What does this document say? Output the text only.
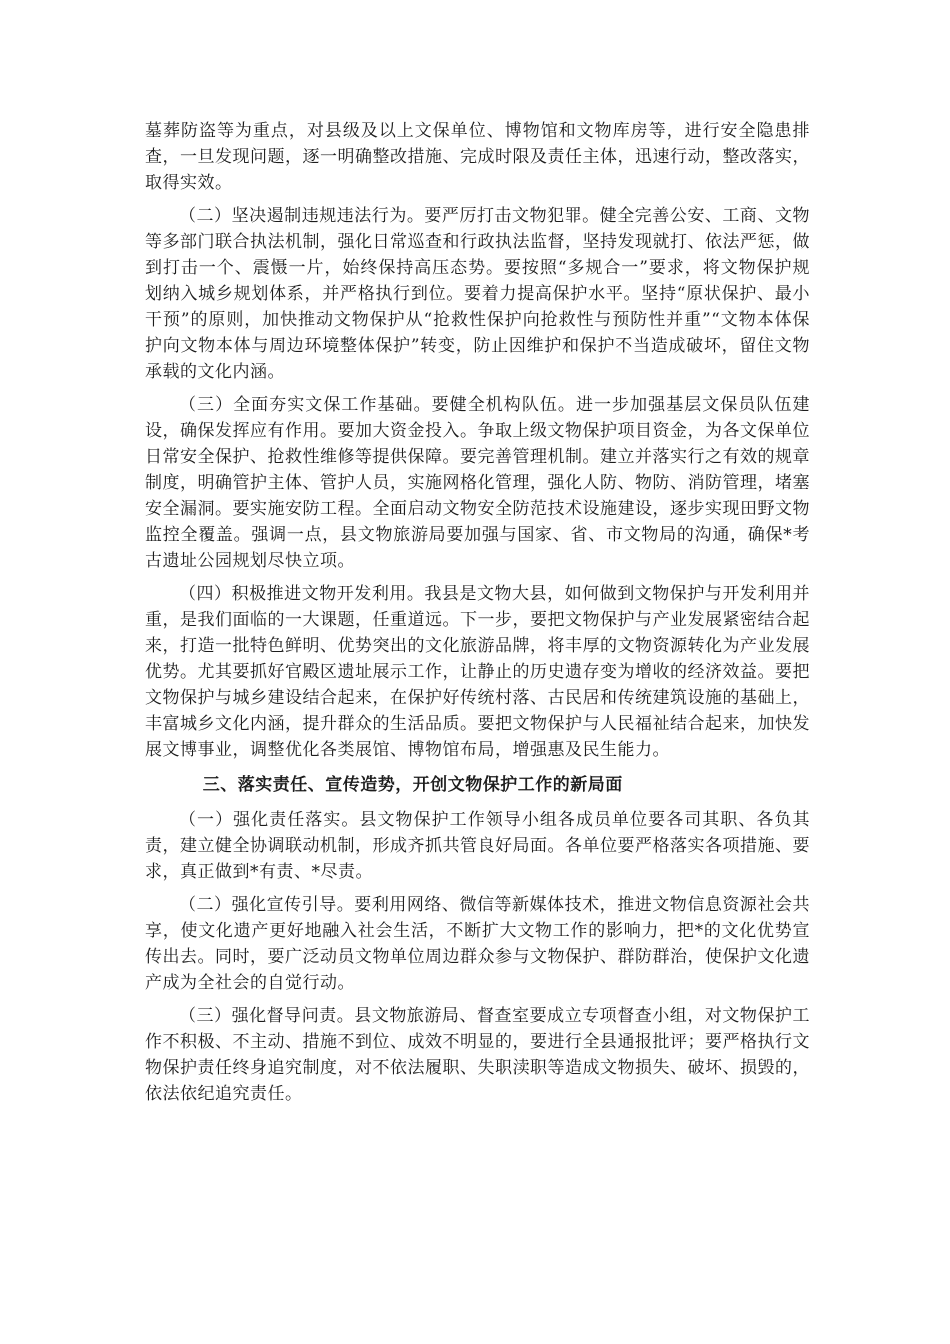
墓葬防盗等为重点，对县级及以上文保单位、博物馆和文物库房等，进行安全隐患排查，一旦发现问题，逐一明确整改措施、完成时限及责任主体，迅速行动，整改落实，取得实效。

（二）坚决遏制违规违法行为。要严厉打击文物犯罪。健全完善公安、工商、文物等多部门联合执法机制，强化日常巡查和行政执法监督，坚持发现就打、依法严惩，做到打击一个、震慑一片，始终保持高压态势。要按照“多规合一”要求，将文物保护规划纳入城乡规划体系，并严格执行到位。要着力提高保护水平。坚持“原状保护、最小干预”的原则，加快推动文物保护从“抢救性保护向抢救性与预防性并重”“文物本体保护向文物本体与周边环境整体保护”转变，防止因维护和保护不当造成破坏，留住文物承载的文化内涵。

（三）全面夯实文保工作基础。要健全机构队伍。进一步加强基层文保员队伍建设，确保发挥应有作用。要加大资金投入。争取上级文物保护项目资金，为各文保单位日常安全保护、抢救性维修等提供保障。要完善管理机制。建立并落实行之有效的规章制度，明确管护主体、管护人员，实施网格化管理，强化人防、物防、消防管理，堵塞安全漏洞。要实施安防工程。全面启动文物安全防范技术设施建设，逐步实现田野文物监控全覆盖。强调一点，县文物旅游局要加强与国家、省、市文物局的沟通，确保*考古遗址公园规划尽快立项。

（四）积极推进文物开发利用。我县是文物大县，如何做到文物保护与开发利用并重，是我们面临的一大课题，任重道远。下一步，要把文物保护与产业发展紧密结合起来，打造一批特色鲜明、优势突出的文化旅游品牌，将丰厚的文物资源转化为产业发展优势。尤其要抓好官殿区遗址展示工作，让静止的历史遗存变为增收的经济效益。要把文物保护与城乡建设结合起来，在保护好传统村落、古民居和传统建筑设施的基础上，丰富城乡文化内涵，提升群众的生活品质。要把文物保护与人民福祉结合起来，加快发展文博事业，调整优化各类展馆、博物馆布局，增强惠及民生能力。

三、落实责任、宣传造势，开创文物保护工作的新局面

（一）强化责任落实。县文物保护工作领导小组各成员单位要各司其职、各负其责，建立健全协调联动机制，形成齐抓共管良好局面。各单位要严格落实各项措施、要求，真正做到*有责、*尽责。

（二）强化宣传引导。要利用网络、微信等新媒体技术，推进文物信息资源社会共享，使文化遗产更好地融入社会生活，不断扩大文物工作的影响力，把*的文化优势宣传出去。同时，要广泛动员文物单位周边群众参与文物保护、群防群治，使保护文化遗产成为全社会的自觉行动。

（三）强化督导问责。县文物旅游局、督查室要成立专项督查小组，对文物保护工作不积极、不主动、措施不到位、成效不明显的，要进行全县通报批评；要严格执行文物保护责任终身追究制度，对不依法履职、失职渎职等造成文物损失、破坏、损毁的，依法依纪追究责任。
